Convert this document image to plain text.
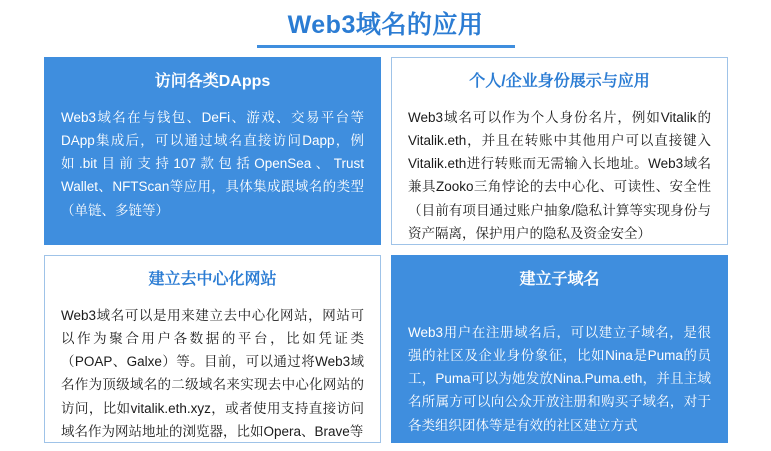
Web3域名的应用
访问各类DApps
Web3域名在与钱包、DeFi、游戏、交易平台等DApp集成后，可以通过域名直接访问Dapp，例如.bit目前支持107款包括OpenSea、Trust Wallet、NFTScan等应用，具体集成跟域名的类型（单链、多链等）
个人/企业身份展示与应用
Web3域名可以作为个人身份名片，例如Vitalik的Vitalik.eth，并且在转账中其他用户可以直接键入Vitalik.eth进行转账而无需输入长地址。Web3域名兼具Zooko三角悖论的去中心化、可读性、安全性（目前有项目通过账户抽象/隐私计算等实现身份与资产隔离，保护用户的隐私及资金安全）
建立去中心化网站
Web3域名可以是用来建立去中心化网站，网站可以作为聚合用户各数据的平台，比如凭证类（POAP、Galxe）等。目前，可以通过将Web3域名作为顶级域名的二级域名来实现去中心化网站的访问，比如vitalik.eth.xyz，或者使用支持直接访问域名作为网站地址的浏览器，比如Opera、Brave等
建立子域名
Web3用户在注册域名后，可以建立子域名，是很强的社区及企业身份象征，比如Nina是Puma的员工，Puma可以为她发放Nina.Puma.eth，并且主域名所属方可以向公众开放注册和购买子域名，对于各类组织团体等是有效的社区建立方式
